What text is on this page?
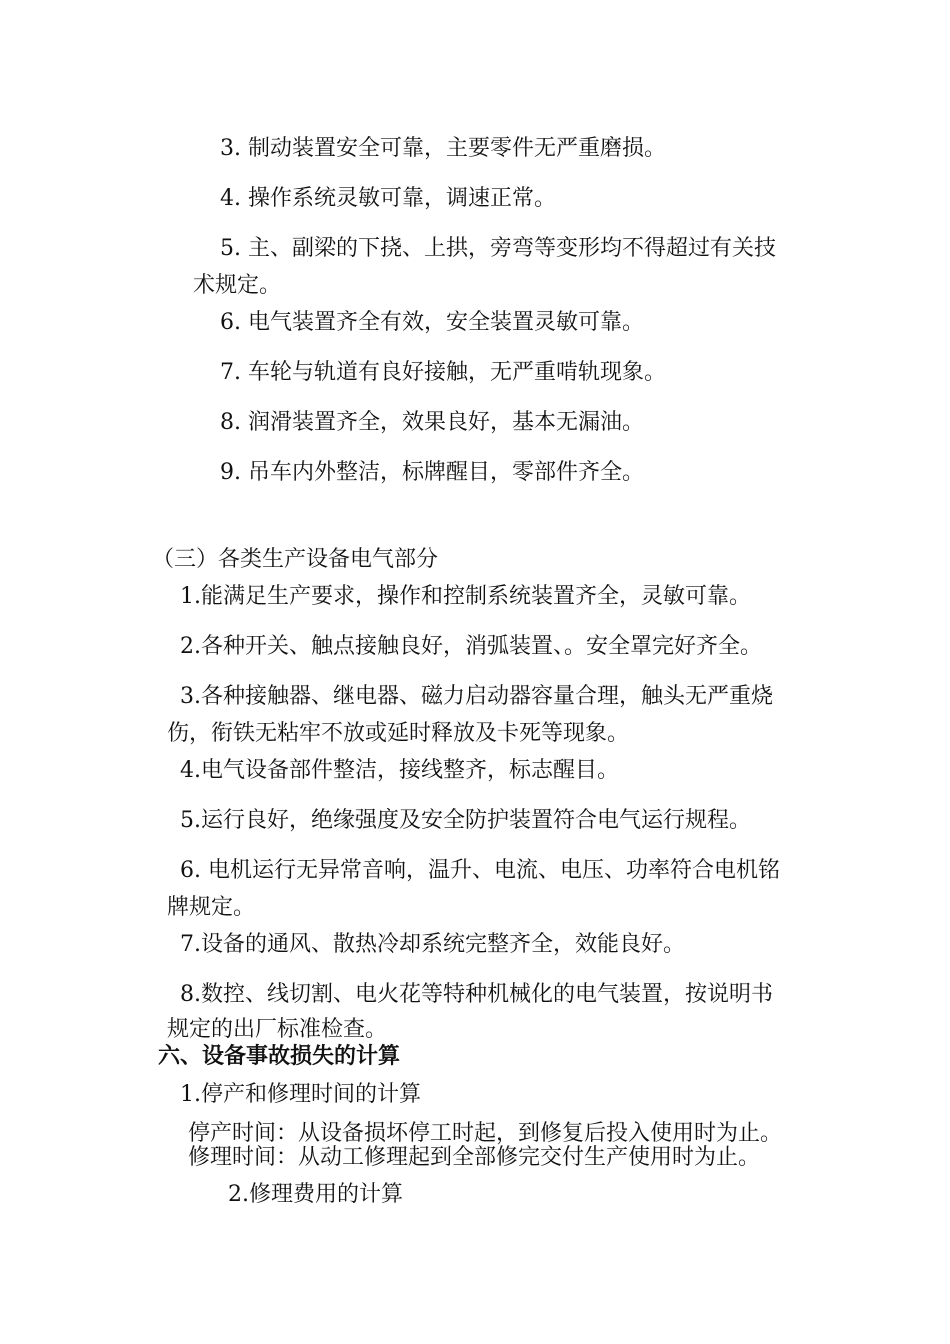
3. 制动装置安全可靠，主要零件无严重磨损。
4. 操作系统灵敏可靠，调速正常。
5. 主、副梁的下挠、上拱，旁弯等变形均不得超过有关技
术规定。
6. 电气装置齐全有效，安全装置灵敏可靠。
7. 车轮与轨道有良好接触，无严重啃轨现象。
8. 润滑装置齐全，效果良好，基本无漏油。
9. 吊车内外整洁，标牌醒目，零部件齐全。
（三）各类生产设备电气部分
1.能满足生产要求，操作和控制系统装置齐全，灵敏可靠。
2.各种开关、触点接触良好，消弧装置、。安全罩完好齐全。
3.各种接触器、继电器、磁力启动器容量合理，触头无严重烧
伤，衔铁无粘牢不放或延时释放及卡死等现象。
4.电气设备部件整洁，接线整齐，标志醒目。
5.运行良好，绝缘强度及安全防护装置符合电气运行规程。
6. 电机运行无异常音响，温升、电流、电压、功率符合电机铭
牌规定。
7.设备的通风、散热冷却系统完整齐全，效能良好。
8.数控、线切割、电火花等特种机械化的电气装置，按说明书
规定的出厂标准检查。
六、设备事故损失的计算
1.停产和修理时间的计算
停产时间：从设备损坏停工时起，到修复后投入使用时为止。
修理时间：从动工修理起到全部修完交付生产使用时为止。
2.修理费用的计算
